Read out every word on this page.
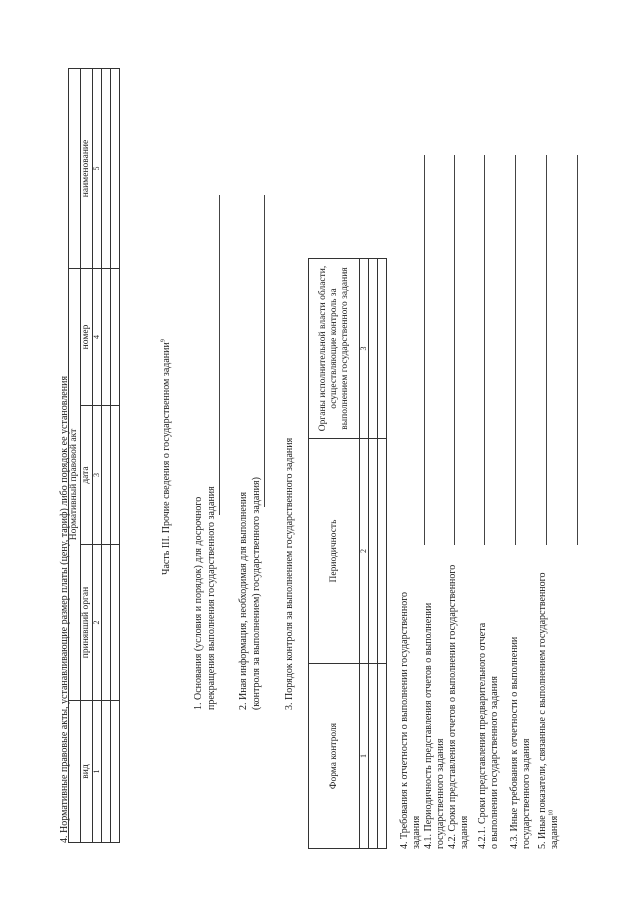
4. Нормативные правовые акты, устанавливающие размер платы (цену, тариф) либо порядок ее установления
	Нормативный правовой акт			
вид	принявший орган	дата	номер	наименование
1	2	3	4	5

Часть III. Прочие сведения о государственном задании$^9$
1. Основания (условия и порядок) для досрочного прекращения выполнения государственного задания 2. Иная информация, необходимая для выполнения (контроля за выполнением) государственного задания) 3. Порядок контроля за выполнением государственного задания
Форма контроля	Периодичность	Органы исполнительной власти области, осуществляющие контроль за выполнением государственного задания
1	2	3

4. Требования к отчетности о выполнении государственного задания 4.1. Периодичность представления отчетов о выполнении государственного задания 4.2. Сроки представления отчетов о выполнении государственного задания 4.2.1. Сроки представления предварительного отчета о выполнении государственного задания 4.3. Иные требования к отчетности о выполнении государственного задания 5. Иные показатели, связанные с выполнением государственного задания$^{10}$
